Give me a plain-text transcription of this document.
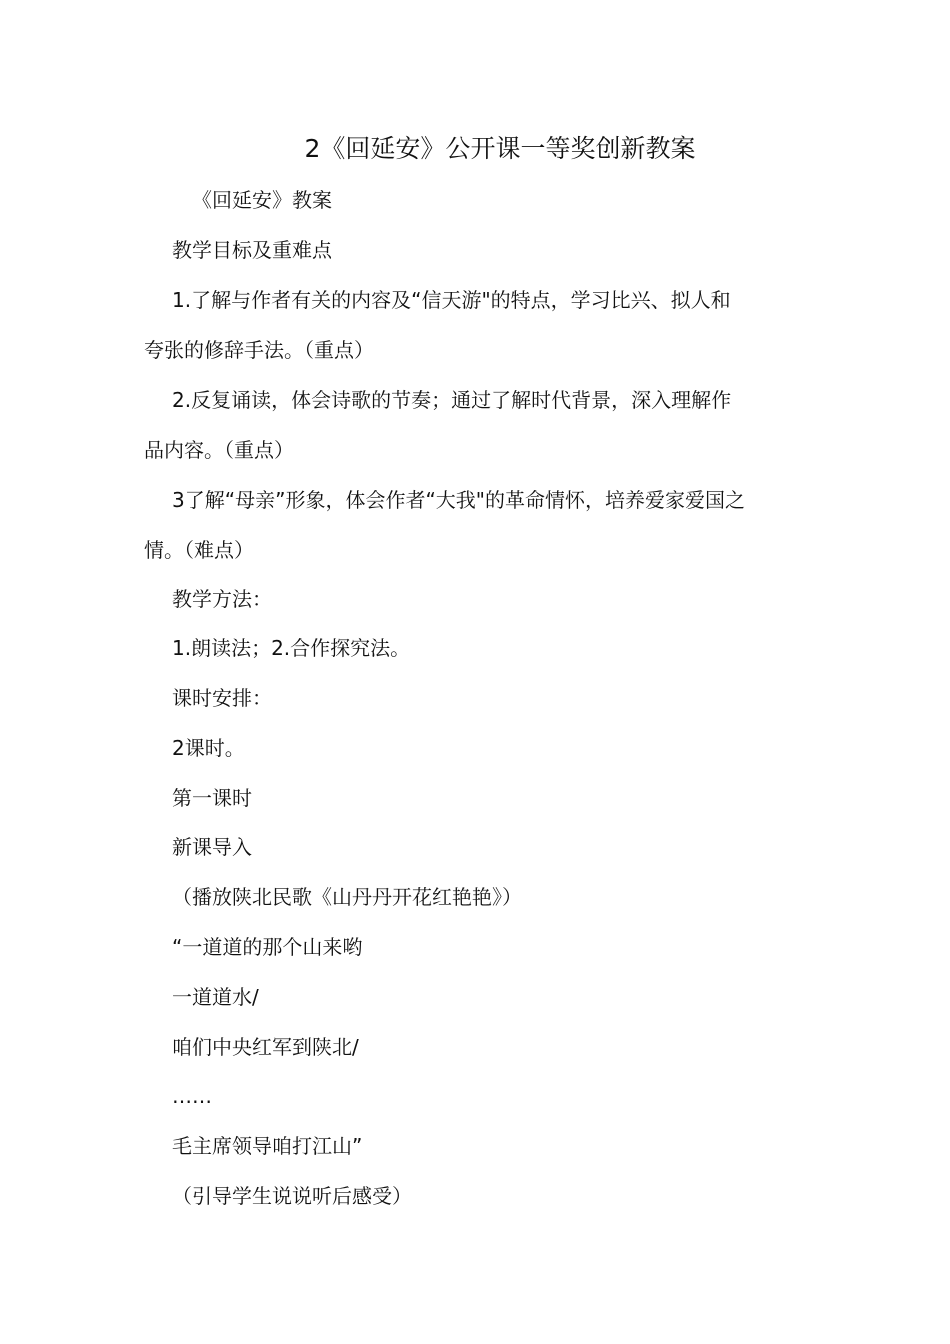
2《回延安》公开课一等奖创新教案
《回延安》教案
教学目标及重难点
1.了解与作者有关的内容及“信天游"的特点，学习比兴、拟人和
夸张的修辞手法。（重点）
2.反复诵读，体会诗歌的节奏；通过了解时代背景，深入理解作
品内容。（重点）
3了解“母亲”形象，体会作者“大我"的革命情怀，培养爱家爱国之
情。（难点）
教学方法：
1.朗读法；2.合作探究法。
课时安排：
2课时。
第一课时
新课导入
（播放陕北民歌《山丹丹开花红艳艳》）
“一道道的那个山来哟
一道道水/
咱们中央红军到陕北/
……
毛主席领导咱打江山”
（引导学生说说听后感受）
